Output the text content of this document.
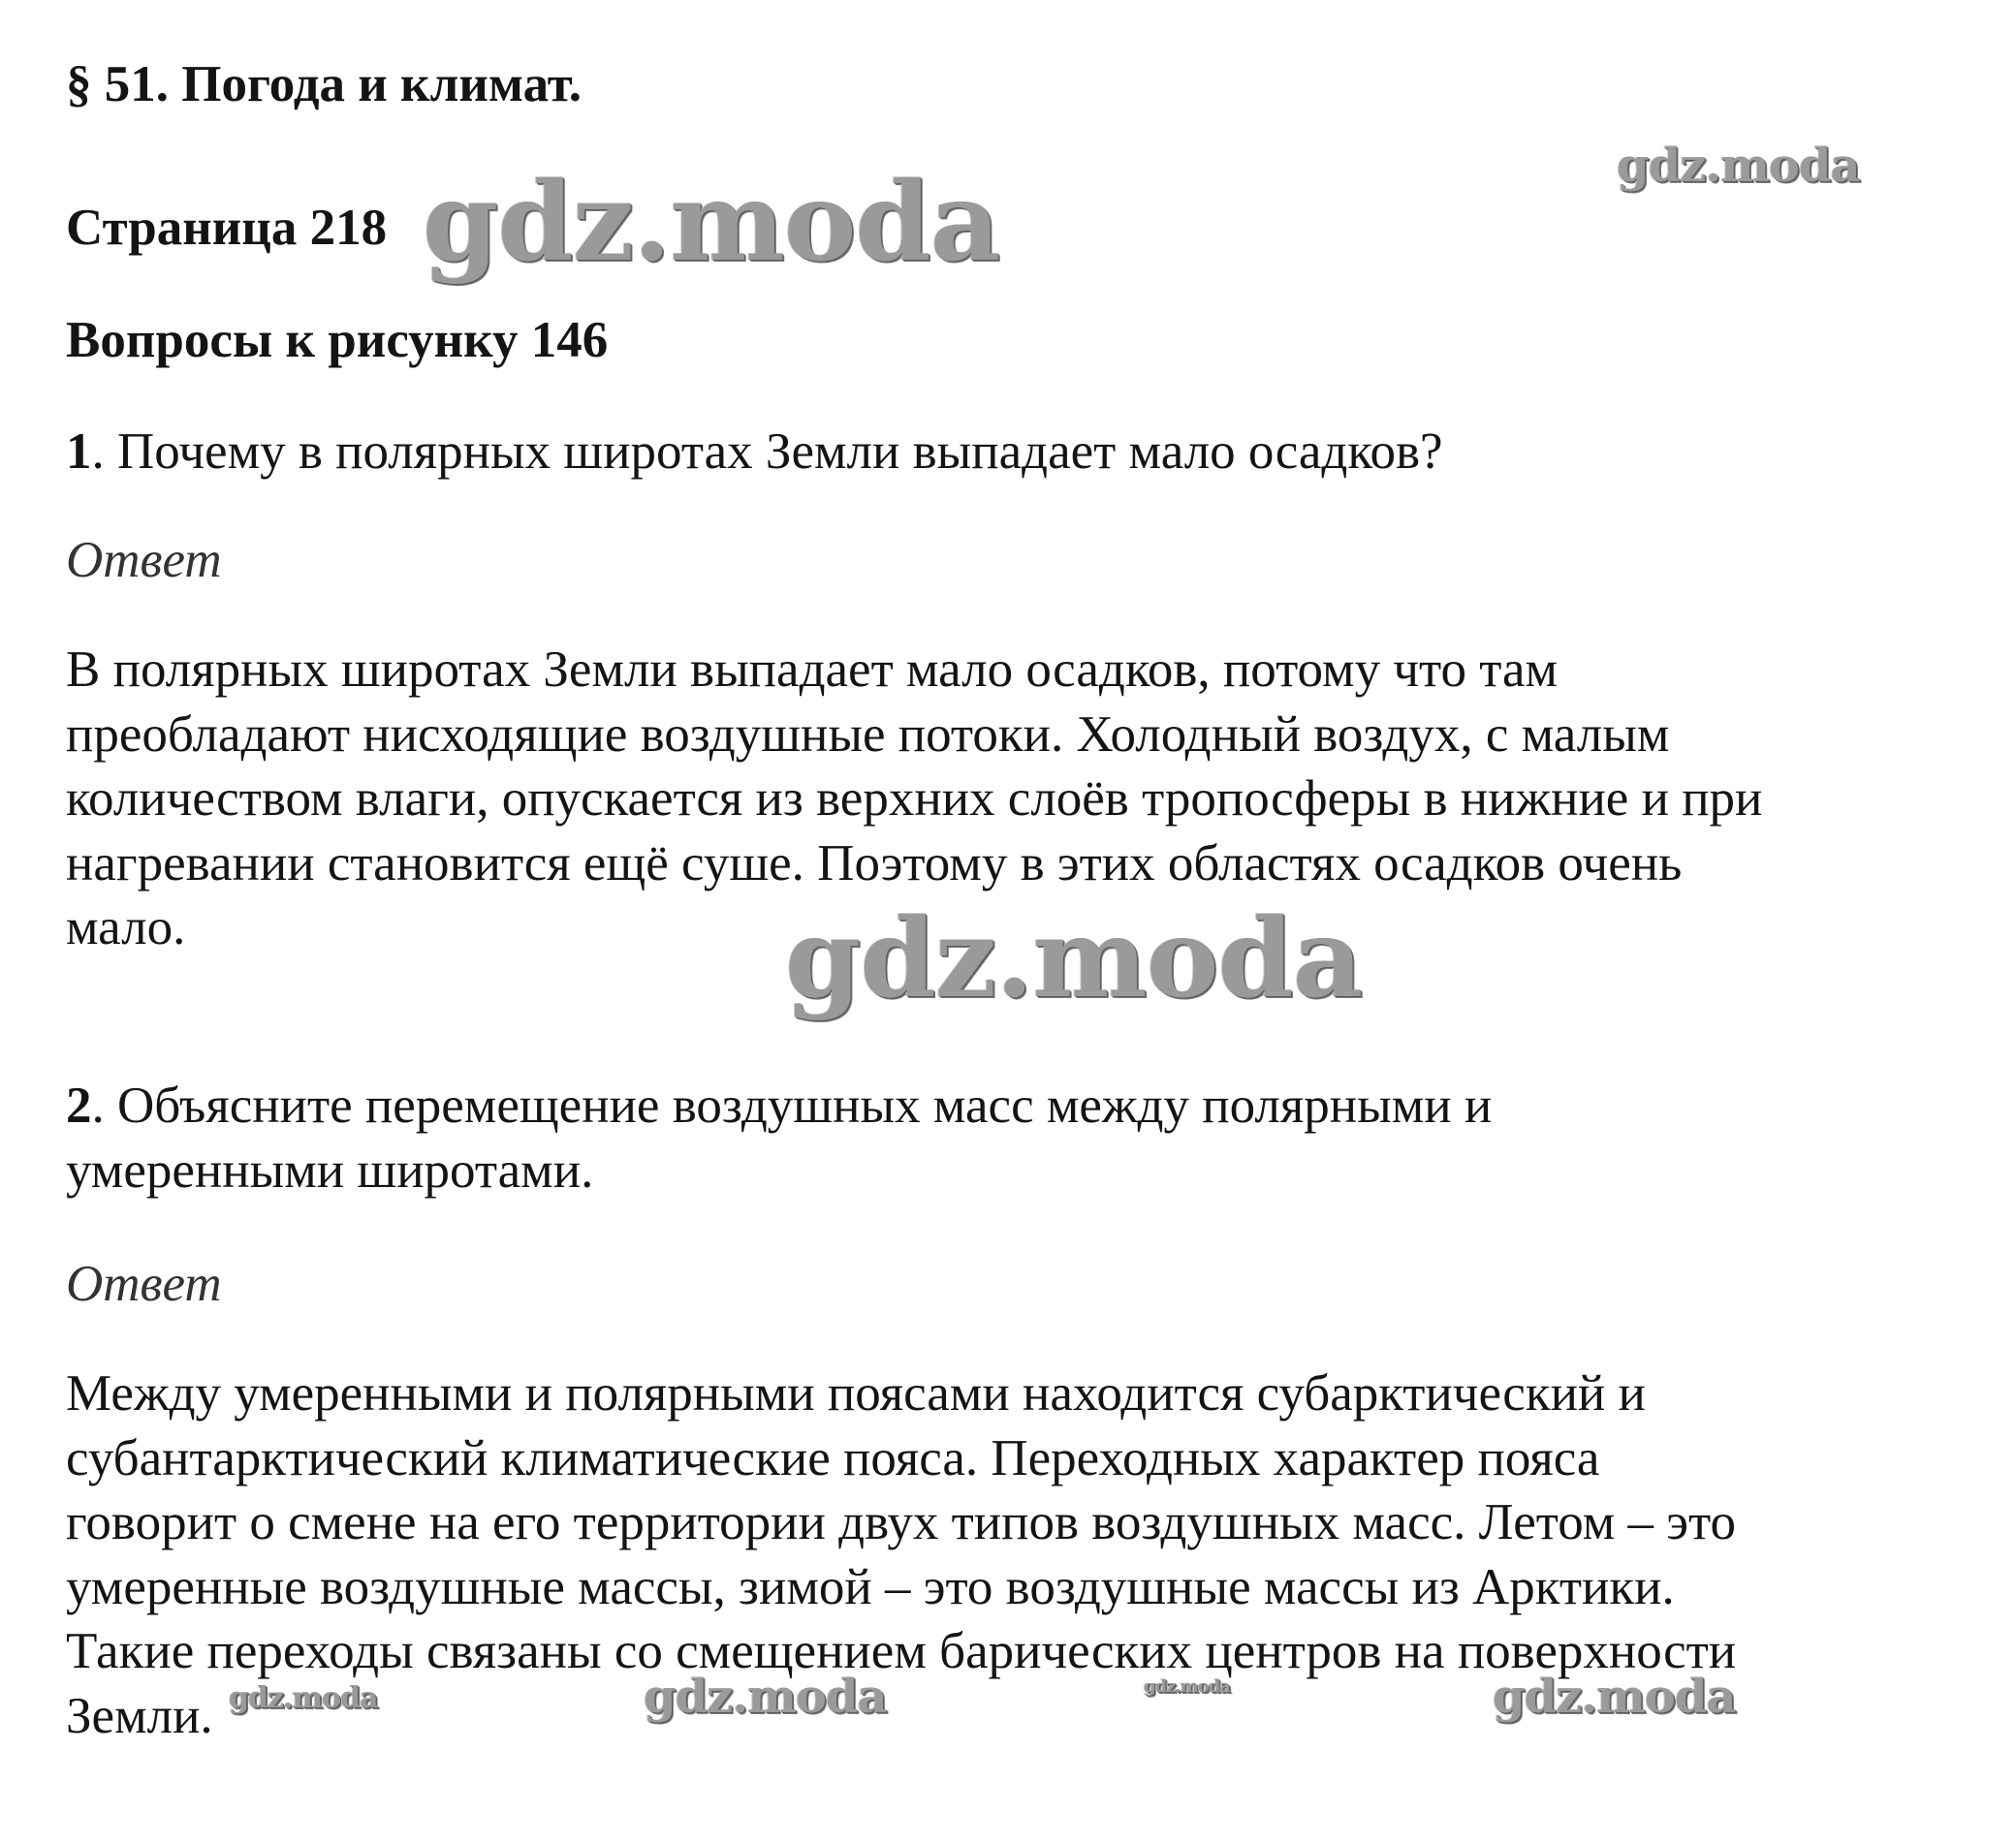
§ 51. Погода и климат.

Страница 218

Вопросы к рисунку 146

1. Почему в полярных широтах Земли выпадает мало осадков?

Ответ

В полярных широтах Земли выпадает мало осадков, потому что там
преобладают нисходящие воздушные потоки. Холодный воздух, с малым
количеством влаги, опускается из верхних слоёв тропосферы в нижние и при
нагревании становится ещё суше. Поэтому в этих областях осадков очень
мало.
2. Объясните перемещение воздушных масс между полярными и
умеренными широтами.

Ответ

Между умеренными и полярными поясами находится субарктический и
субантарктический климатические пояса. Переходных характер пояса
говорит о смене на его территории двух типов воздушных масс. Летом – это
умеренные воздушные массы, зимой – это воздушные массы из Арктики.
Такие переходы связаны со смещением барических центров на поверхности
Земли.
gdz.moda
gdz.moda
gdz.moda
gdz.moda	gdz.moda	gdz.moda	gdz.moda
